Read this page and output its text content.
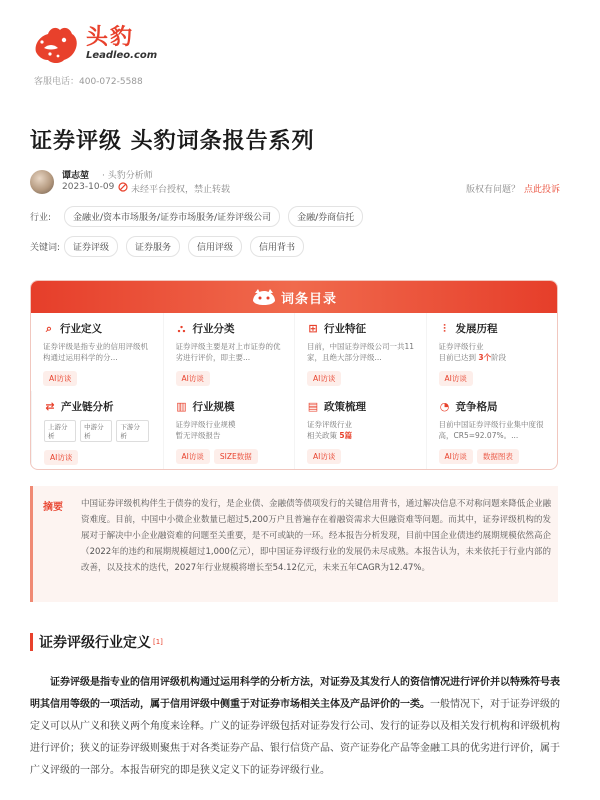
头豹
Leadleo.com
客服电话：400-072-5588
证券评级 头豹词条报告系列
谭志堃 · 头豹分析师
2023-10-09 未经平台授权，禁止转载	版权有问题？ 点此投诉
行业:	金融业/资本市场服务/证券市场服务/证券评级公司	金融/券商信托
关键词:	证券评级	证券服务	信用评级	信用背书
词条目录
⌕ 行业定义
证券评级是指专业的信用评级机构通过运用科学的分...
AI访谈
⛬ 行业分类
证券评级主要是对上市证券的优劣进行评价，即主要...
AI访谈
⊞ 行业特征
目前，中国证券评级公司一共11家，且绝大部分评级...
AI访谈
⫶ 发展历程
证券评级行业
目前已达到 3个阶段
AI访谈
⇄ 产业链分析
上游分析
中游分析
下游分析
AI访谈
▥ 行业规模
证券评级行业规模
暂无评级报告
AI访谈 SIZE数据
▤ 政策梳理
证券评级行业
相关政策 5篇
AI访谈
◔ 竞争格局
目前中国证券评级行业集中度很高，CR5=92.07%。...
AI访谈 数据图表
摘要 中国证券评级机构伴生于债券的发行，是企业债、金融债等债项发行的关键信用背书，通过解决信息不对称问题来降低企业融资难度。目前，中国中小微企业数量已超过5,200万户且普遍存在着融资需求大但融资难等问题。而其中，证券评级机构的发展对于解决中小企业融资难的问题至关重要，是不可或缺的一环。经本报告分析发现，目前中国企业债违约展期规模依然高企（2022年的违约和展期规模超过1,000亿元），即中国证券评级行业的发展仍未尽成熟。本报告认为，未来依托于行业内部的改善，以及技术的迭代，2027年行业规模将增长至54.12亿元，未来五年CAGR为12.47%。

证券评级行业定义 [1]

证券评级是指专业的信用评级机构通过运用科学的分析方法，对证券及其发行人的资信情况进行评价并以特殊符号表明其信用等级的一项活动，属于信用评级中侧重于对证券市场相关主体及产品评价的一类。一般情况下，对于证券评级的定义可以从广义和狭义两个角度来诠释。广义的证券评级包括对证券发行公司、发行的证券以及相关发行机构和评级机构进行评价；狭义的证券评级则聚焦于对各类证券产品、银行信贷产品、资产证券化产品等金融工具的优劣进行评价，属于广义评级的一部分。本报告研究的即是狭义定义下的证券评级行业。
